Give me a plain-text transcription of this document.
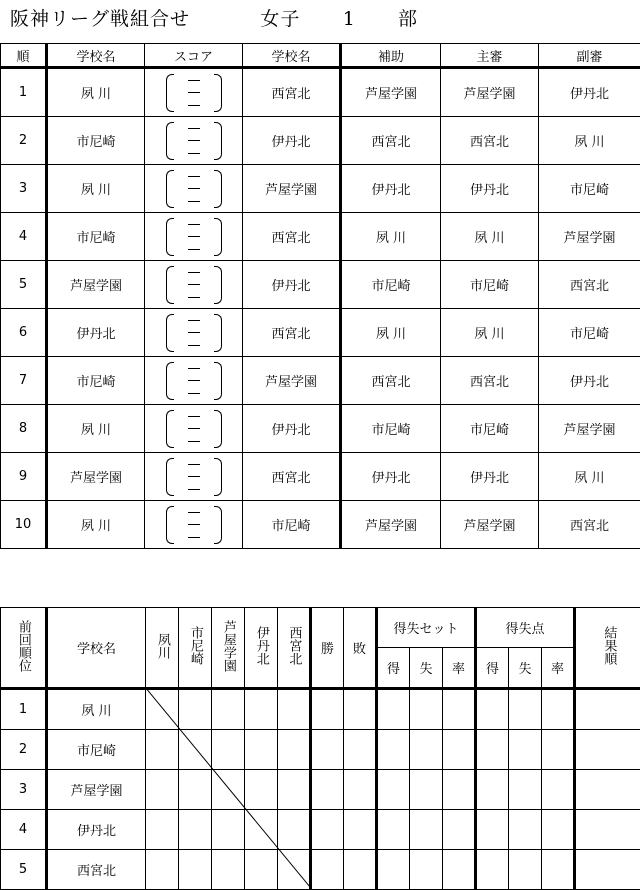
阪神リーグ戦組合せ	女子 1 部
順	学校名	スコア	学校名	補助	主審	副審
1	夙 川		西宮北	芦屋学園	芦屋学園	伊丹北
2	市尼崎		伊丹北	西宮北	西宮北	夙 川
3	夙 川		芦屋学園	伊丹北	伊丹北	市尼崎
4	市尼崎		西宮北	夙 川	夙 川	芦屋学園
5	芦屋学園		伊丹北	市尼崎	市尼崎	西宮北
6	伊丹北		西宮北	夙 川	夙 川	市尼崎
7	市尼崎		芦屋学園	西宮北	西宮北	伊丹北
8	夙 川		伊丹北	市尼崎	市尼崎	芦屋学園
9	芦屋学園		西宮北	伊丹北	伊丹北	夙 川
10	夙 川		市尼崎	芦屋学園	芦屋学園	西宮北
前回順位	学校名	夙川	市尼崎	芦屋学園	伊丹北	西宮北	勝	敗	得失セット			得失点			結果順
									得	失	率	得	失	率	
1	夙 川														
2	市尼崎														
3	芦屋学園														
4	伊丹北														
5	西宮北														
